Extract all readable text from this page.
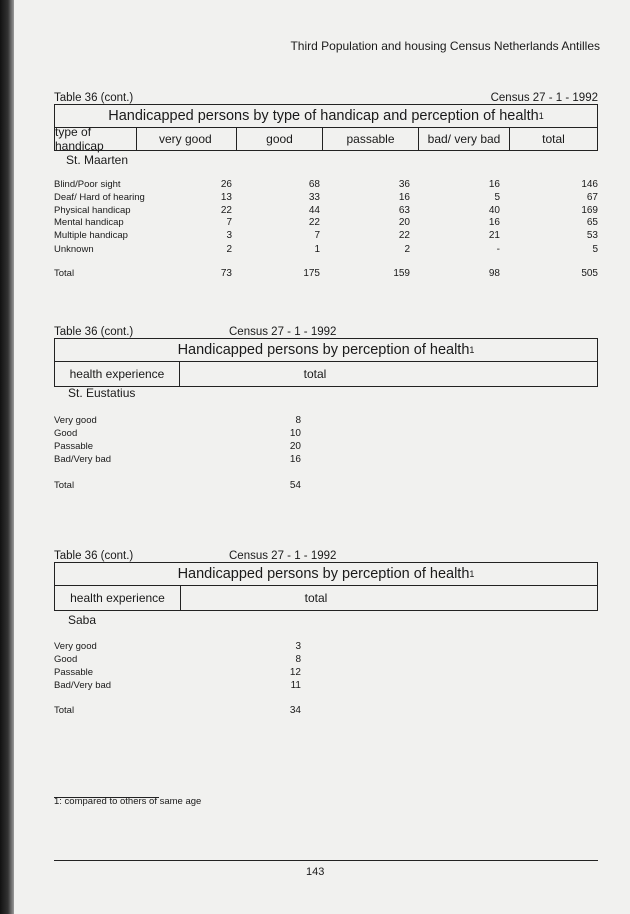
Third Population and housing Census Netherlands Antilles
Table 36 (cont.)	Census 27 - 1 - 1992
Handicapped persons by type of handicap and perception of health 1
type of handicap	very good	good	passable	bad/ very bad	total
St. Maarten
Table 36 (cont.)	Census 27 - 1 - 1992
Handicapped persons by perception of health 1
health experience	total
St. Eustatius
Table 36 (cont.)	Census 27 - 1 - 1992
Handicapped persons by perception of health 1
health experience	total
Saba
1: compared to others of same age
143
Blind/Poor sight	26	68	36	16	146
Deaf/ Hard of hearing	13	33	16	5	67
Physical handicap	22	44	63	40	169
Mental handicap	7	22	20	16	65
Multiple handicap	3	7	22	21	53
Unknown	2	1	2	-	5
Total	73	175	159	98	505
Very good	8
Good	10
Passable	20
Bad/Very bad	16
Total	54
Very good	3
Good	8
Passable	12
Bad/Very bad	11
Total	34
